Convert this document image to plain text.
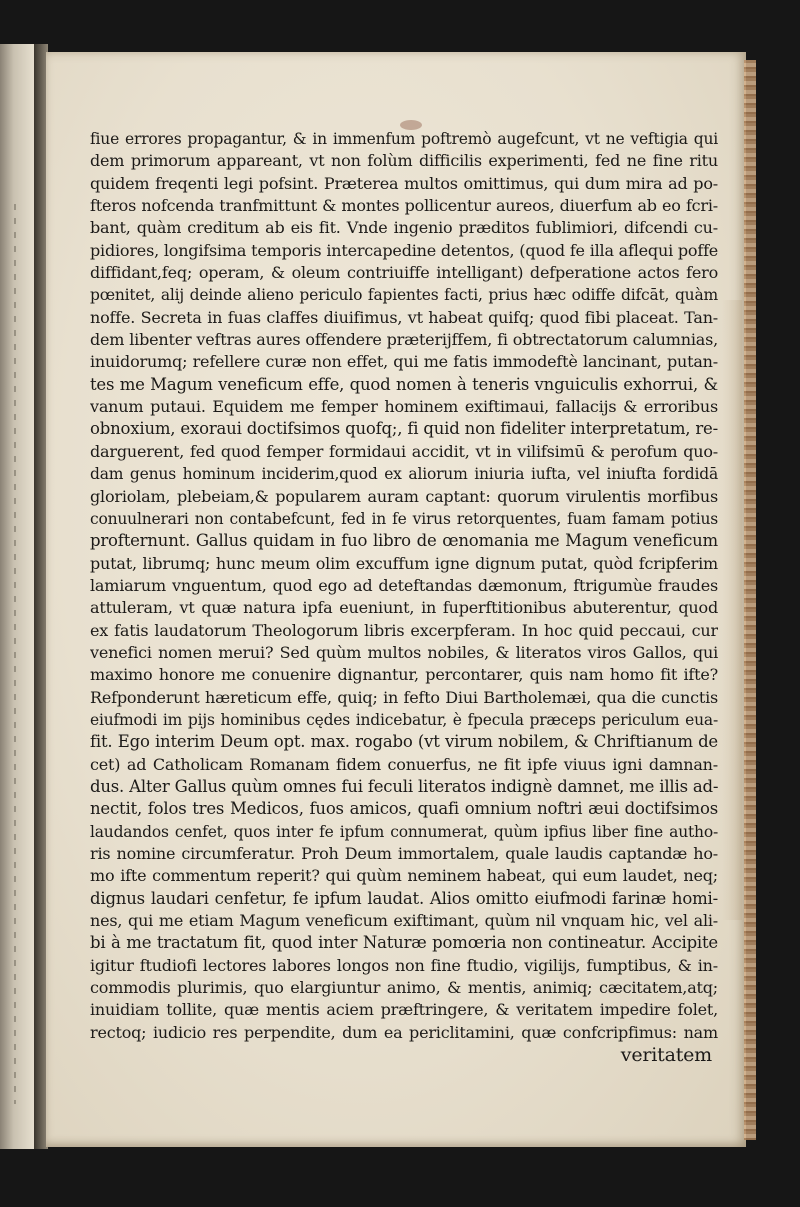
fiue errores propagantur, & in immenfum poftremò augefcunt, vt ne veftigia qui
dem primorum appareant, vt non folùm difficilis experimenti, fed ne fine ritu
quidem freqenti legi pofsint. Præterea multos omittimus, qui dum mira ad po-
fteros nofcenda tranfmittunt & montes pollicentur aureos, diuerfum ab eo fcri-
bant, quàm creditum ab eis fit. Vnde ingenio præditos fublimiori, difcendi cu-
pidiores, longifsima temporis intercapedine detentos, (quod fe illa aflequi poffe
diffidant,feq; operam, & oleum contriuiffe intelligant) defperatione actos fero
pœnitet, alij deinde alieno periculo fapientes facti, prius hæc odiffe difcāt, quàm
noffe. Secreta in fuas claffes diuifimus, vt habeat quifq; quod fibi placeat. Tan-
dem libenter veftras aures offendere prætеrijffem, fi obtrectatorum calumnias,
inuidorumq; refellere curæ non effet, qui me fatis immodeftè lancinant, putan-
tes me Magum veneficum effe, quod nomen à teneris vnguiculis exhorrui, &
vanum putaui. Equidem me femper hominem exiftimaui, fallacijs & erroribus
obnoxium, exoraui doctifsimos quofq;, fi quid non fideliter interpretatum, re-
darguerent, fed quod femper formidaui accidit, vt in vilifsimū & perofum quo-
dam genus hominum inciderim,quod ex aliorum iniuria iufta, vel iniufta fordidā
gloriolam, plebeiam,& popularem auram captant: quorum virulentis morfibus
conuulnerari non contabefcunt, fed in fe virus retorquentes, fuam famam potius
profternunt. Gallus quidam in fuo libro de œnomania me Magum veneficum
putat, librumq; hunc meum olim excuffum igne dignum putat, quòd fcripferim
lamiarum vnguentum, quod ego ad deteftandas dæmonum, ftrigumùe fraudes
attuleram, vt quæ natura ipfa eueniunt, in fuperftitionibus abuterentur, quod
ex fatis laudatorum Theologorum libris excerpferam. In hoc quid peccaui, cur
venefici nomen merui? Sed quùm multos nobiles, & literatos viros Gallos, qui
maximo honore me conuenire dignantur, percontarer, quis nam homo fit ifte?
Refponderunt hæreticum effe, quiq; in fefto Diui Bartholemæi, qua die cunctis
eiufmodi im pijs hominibus cędes indicebatur, è fpecula præceps periculum eua-
fit. Ego interim Deum opt. max. rogabo (vt virum nobilem, & Chriftianum de
cet) ad Catholicam Romanam fidem conuerfus, ne fit ipfe viuus igni damnan-
dus. Alter Gallus quùm omnes fui feculi literatos indignè damnet, me illis ad-
nectit, folos tres Medicos, fuos amicos, quafi omnium noftri æui doctifsimos
laudandos cenfet, quos inter fe ipfum connumerat, quùm ipfius liber fine autho-
ris nomine circumferatur. Proh Deum immortalem, quale laudis captandæ ho-
mo ifte commentum reperit? qui quùm neminem habeat, qui eum laudet, neq;
dignus laudari cenfetur, fe ipfum laudat. Alios omitto eiufmodi farinæ homi-
nes, qui me etiam Magum veneficum exiftimant, quùm nil vnquam hic, vel ali-
bi à me tractatum fit, quod inter Naturæ pomœria non contineatur. Accipite
igitur ftudiofi lectores labores longos non fine ftudio, vigilijs, fumptibus, & in-
commodis plurimis, quo elargiuntur animo, & mentis, animiq; cæcitatem,atq;
inuidiam tollite, quæ mentis aciem præftringere, & veritatem impedire folet,
rectoq; iudicio res perpendite, dum ea periclitamini, quæ confcripfimus: nam
veritatem
